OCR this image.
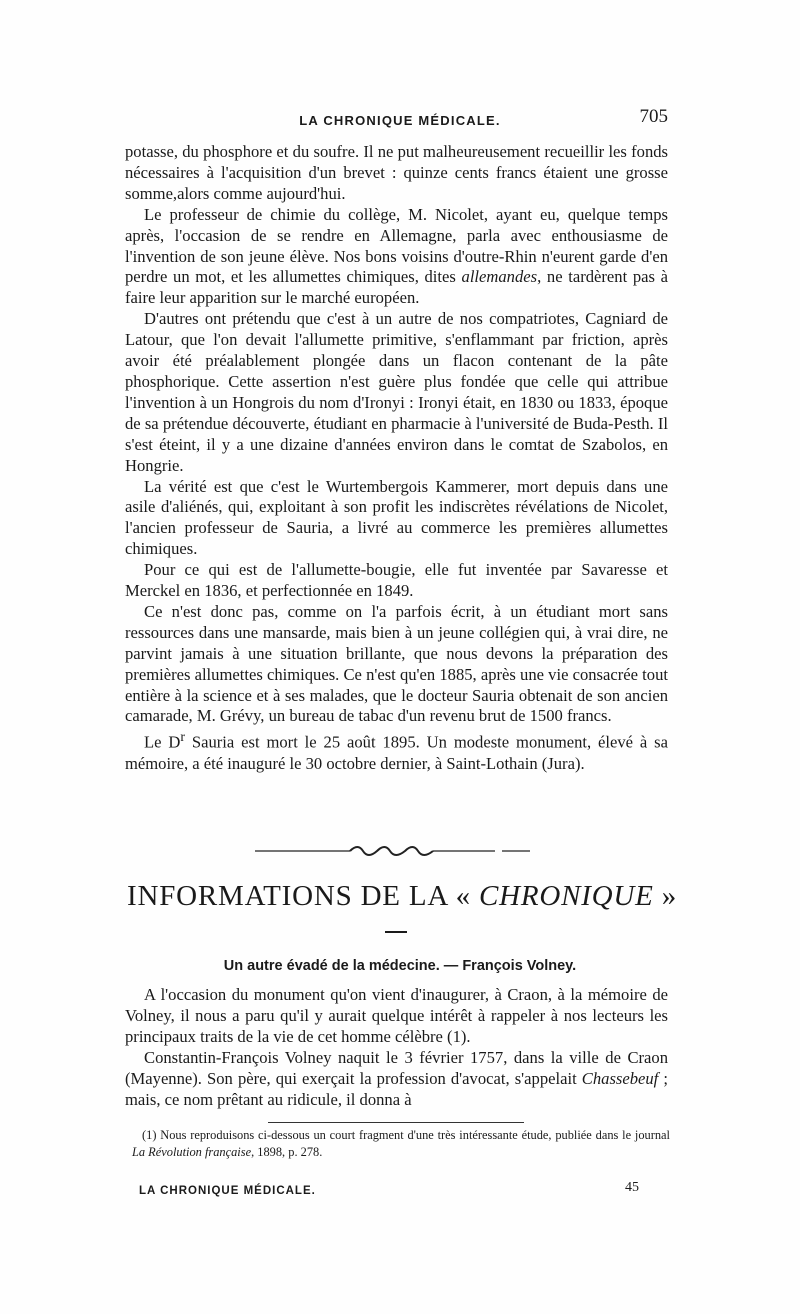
LA CHRONIQUE MÉDICALE.	705

potasse, du phosphore et du soufre. Il ne put malheureusement recueillir les fonds nécessaires à l'acquisition d'un brevet : quinze cents francs étaient une grosse somme,alors comme aujourd'hui.

Le professeur de chimie du collège, M. Nicolet, ayant eu, quelque temps après, l'occasion de se rendre en Allemagne, parla avec enthousiasme de l'invention de son jeune élève. Nos bons voisins d'outre-Rhin n'eurent garde d'en perdre un mot, et les allumettes chimiques, dites allemandes, ne tardèrent pas à faire leur apparition sur le marché européen.

D'autres ont prétendu que c'est à un autre de nos compatriotes, Cagniard de Latour, que l'on devait l'allumette primitive, s'enflammant par friction, après avoir été préalablement plongée dans un flacon contenant de la pâte phosphorique. Cette assertion n'est guère plus fondée que celle qui attribue l'invention à un Hongrois du nom d'Ironyi : Ironyi était, en 1830 ou 1833, époque de sa prétendue découverte, étudiant en pharmacie à l'université de Buda-Pesth. Il s'est éteint, il y a une dizaine d'années environ dans le comtat de Szabolos, en Hongrie.

La vérité est que c'est le Wurtembergois Kammerer, mort depuis dans une asile d'aliénés, qui, exploitant à son profit les indiscrètes révélations de Nicolet, l'ancien professeur de Sauria, a livré au commerce les premières allumettes chimiques.

Pour ce qui est de l'allumette-bougie, elle fut inventée par Savaresse et Merckel en 1836, et perfectionnée en 1849.

Ce n'est donc pas, comme on l'a parfois écrit, à un étudiant mort sans ressources dans une mansarde, mais bien à un jeune collégien qui, à vrai dire, ne parvint jamais à une situation brillante, que nous devons la préparation des premières allumettes chimiques. Ce n'est qu'en 1885, après une vie consacrée tout entière à la science et à ses malades, que le docteur Sauria obtenait de son ancien camarade, M. Grévy, un bureau de tabac d'un revenu brut de 1500 francs.

Le $D^r$ Sauria est mort le 25 août 1895. Un modeste monument, élevé à sa mémoire, a été inauguré le 30 octobre dernier, à Saint-Lothain (Jura).

INFORMATIONS DE LA « CHRONIQUE »
Un autre évadé de la médecine. — François Volney.

A l'occasion du monument qu'on vient d'inaugurer, à Craon, à la mémoire de Volney, il nous a paru qu'il y aurait quelque intérêt à rappeler à nos lecteurs les principaux traits de la vie de cet homme célèbre (1).

Constantin-François Volney naquit le 3 février 1757, dans la ville de Craon (Mayenne). Son père, qui exerçait la profession d'avocat, s'appelait Chassebeuf ; mais, ce nom prêtant au ridicule, il donna à

(1) Nous reproduisons ci-dessous un court fragment d'une très intéressante étude, publiée dans le journal La Révolution française, 1898, p. 278.

LA CHRONIQUE MÉDICALE.	45
